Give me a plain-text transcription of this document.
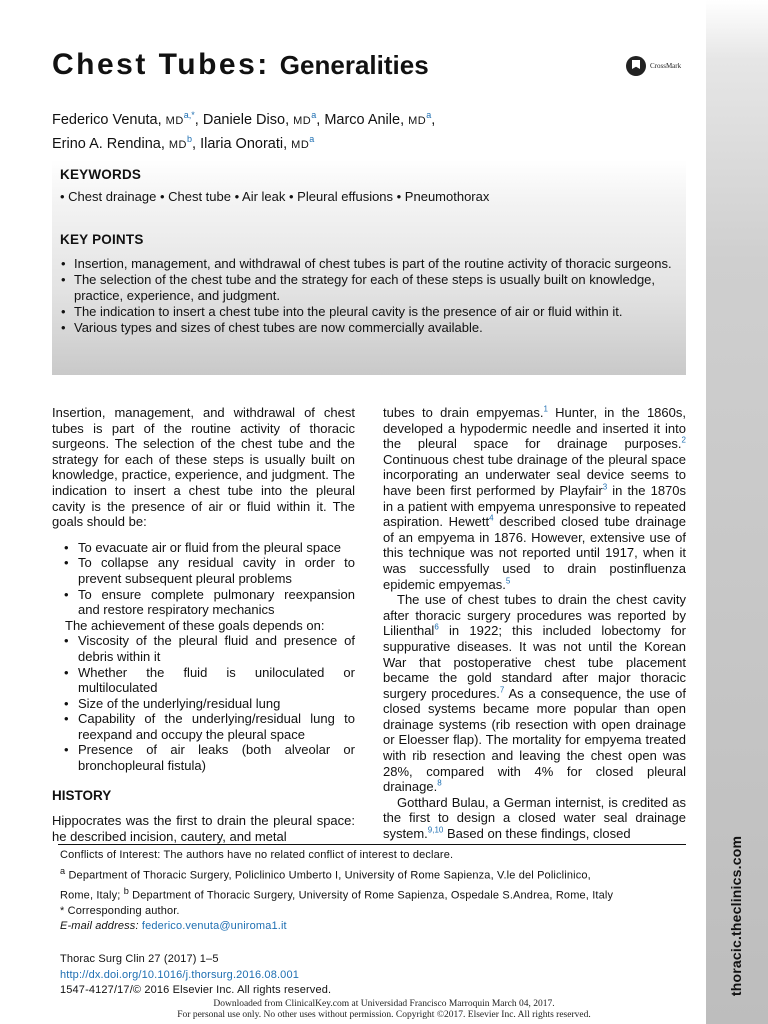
thoracic.theclinics.com
Chest Tubes: Generalities	CrossMark
Federico Venuta, $MD^{a,*}$, Daniele Diso, $MD^a$, Marco Anile, $MD^a$,
Erino A. Rendina, $MD^b$, Ilaria Onorati, $MD^a$
KEYWORDS
• Chest drainage • Chest tube • Air leak • Pleural effusions • Pneumothorax
KEY POINTS
• Insertion, management, and withdrawal of chest tubes is part of the routine activity of thoracic surgeons.
• The selection of the chest tube and the strategy for each of these steps is usually built on knowledge, practice, experience, and judgment.
• The indication to insert a chest tube into the pleural cavity is the presence of air or fluid within it.
• Various types and sizes of chest tubes are now commercially available.

Insertion, management, and withdrawal of chest tubes is part of the routine activity of thoracic surgeons. The selection of the chest tube and the strategy for each of these steps is usually built on knowledge, practice, experience, and judgment. The indication to insert a chest tube into the pleural cavity is the presence of air or fluid within it. The goals should be:

• To evacuate air or fluid from the pleural space
• To collapse any residual cavity in order to prevent subsequent pleural problems
• To ensure complete pulmonary reexpansion and restore respiratory mechanics

The achievement of these goals depends on:

• Viscosity of the pleural fluid and presence of debris within it
• Whether the fluid is uniloculated or multiloculated
• Size of the underlying/residual lung
• Capability of the underlying/residual lung to reexpand and occupy the pleural space
• Presence of air leaks (both alveolar or bronchopleural fistula)
HISTORY

Hippocrates was the first to drain the pleural space: he described incision, cautery, and metal

tubes to drain empyemas.$^1$ Hunter, in the 1860s, developed a hypodermic needle and inserted it into the pleural space for drainage purposes.$^2$ Continuous chest tube drainage of the pleural space incorporating an underwater seal device seems to have been first performed by Playfair$^3$ in the 1870s in a patient with empyema unresponsive to repeated aspiration. Hewett$^4$ described closed tube drainage of an empyema in 1876. However, extensive use of this technique was not reported until 1917, when it was successfully used to drain postinfluenza epidemic empyemas.$^5$

The use of chest tubes to drain the chest cavity after thoracic surgery procedures was reported by Lilienthal$^6$ in 1922; this included lobectomy for suppurative diseases. It was not until the Korean War that postoperative chest tube placement became the gold standard after major thoracic surgery procedures.$^7$ As a consequence, the use of closed systems became more popular than open drainage systems (rib resection with open drainage or Eloesser flap). The mortality for empyema treated with rib resection and leaving the chest open was 28%, compared with 4% for closed pleural drainage.$^8$

Gotthard Bulau, a German internist, is credited as the first to design a closed water seal drainage system.$^{9,10}$ Based on these findings, closed

Conflicts of Interest: The authors have no related conflict of interest to declare.
$^a$ Department of Thoracic Surgery, Policlinico Umberto I, University of Rome Sapienza, V.le del Policlinico,
Rome, Italy; $^b$ Department of Thoracic Surgery, University of Rome Sapienza, Ospedale S.Andrea, Rome, Italy
* Corresponding author.
E-mail address: federico.venuta@uniroma1.it
Thorac Surg Clin 27 (2017) 1–5
http://dx.doi.org/10.1016/j.thorsurg.2016.08.001
1547-4127/17/© 2016 Elsevier Inc. All rights reserved.
Downloaded from ClinicalKey.com at Universidad Francisco Marroquin March 04, 2017.
For personal use only. No other uses without permission. Copyright ©2017. Elsevier Inc. All rights reserved.
